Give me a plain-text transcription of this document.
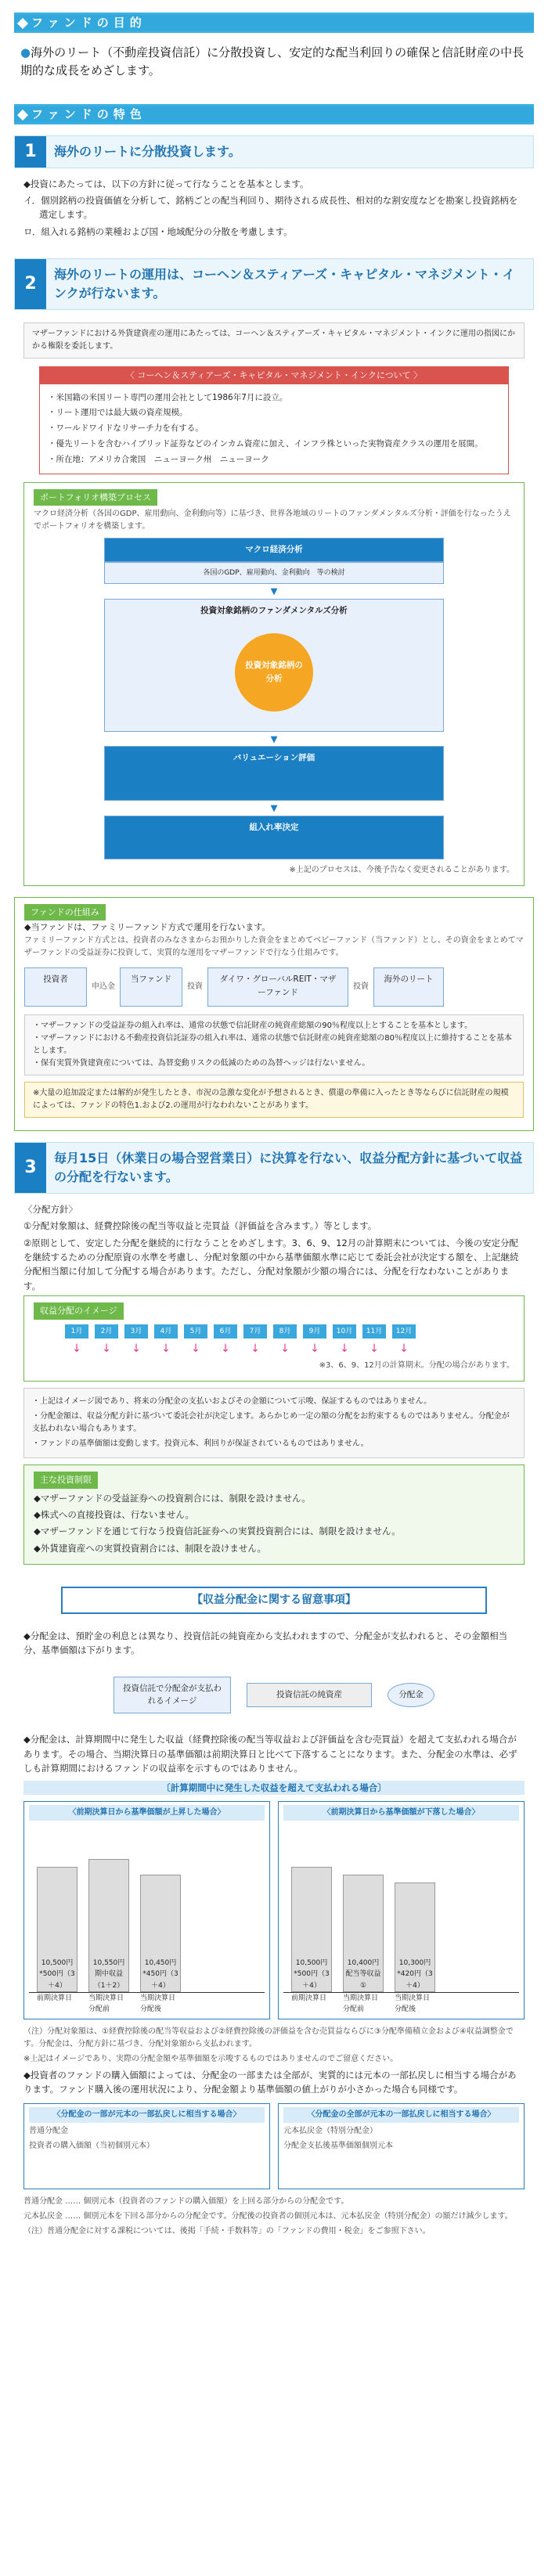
ファンドの目的
●海外のリート（不動産投資信託）に分散投資し、安定的な配当利回りの確保と信託財産の中長期的な成長をめざします。
ファンドの特色
1	海外のリートに分散投資します。

◆投資にあたっては、以下の方針に従って行なうことを基本とします。

イ．個別銘柄の投資価値を分析して、銘柄ごとの配当利回り、期待される成長性、相対的な割安度などを勘案し投資銘柄を選定します。

ロ．組入れる銘柄の業種および国・地域配分の分散を考慮します。

2	海外のリートの運用は、コーヘン＆スティアーズ・キャピタル・マネジメント・インクが行ないます。
マザーファンドにおける外貨建資産の運用にあたっては、コーヘン＆スティアーズ・キャピタル・マネジメント・インクに運用の指図にかかる権限を委託します。
〈 コーヘン＆スティアーズ・キャピタル・マネジメント・インクについて 〉

・米国籍の米国リート専門の運用会社として1986年7月に設立。

・リート運用では最大級の資産規模。

・ワールドワイドなリサーチ力を有する。

・優先リートを含むハイブリッド証券などのインカム資産に加え、インフラ株といった実物資産クラスの運用を展開。

・所在地：アメリカ合衆国　ニューヨーク州　ニューヨーク

ポートフォリオ構築プロセス

マクロ経済分析（各国のGDP、雇用動向、金利動向等）に基づき、世界各地域のリートのファンダメンタルズ分析・評価を行なったうえでポートフォリオを構築します。

マクロ経済分析
各国のGDP、雇用動向、金利動向　等の検討
▼
投資対象銘柄のファンダメンタルズ分析
投資対象銘柄の分析
▼
バリュエーション評価
▼
組入れ率決定

※上記のプロセスは、今後予告なく変更されることがあります。

ファンドの仕組み

◆当ファンドは、ファミリーファンド方式で運用を行ないます。

ファミリーファンド方式とは、投資者のみなさまからお預かりした資金をまとめてベビーファンド（当ファンド）とし、その資金をまとめてマザーファンドの受益証券に投資して、実質的な運用をマザーファンドで行なう仕組みです。

投資者
申込金
当ファンド
投資
ダイワ・グローバルREIT・マザーファンド
投資
海外のリート

・マザーファンドの受益証券の組入れ率は、通常の状態で信託財産の純資産総額の90％程度以上とすることを基本とします。

・マザーファンドにおける不動産投資信託証券の組入れ率は、通常の状態で信託財産の純資産総額の80％程度以上に維持することを基本とします。

・保有実質外貨建資産については、為替変動リスクの低減のための為替ヘッジは行ないません。

※大量の追加設定または解約が発生したとき、市況の急激な変化が予想されるとき、償還の準備に入ったとき等ならびに信託財産の規模によっては、ファンドの特色1.および2.の運用が行なわれないことがあります。
3	毎月15日（休業日の場合翌営業日）に決算を行ない、収益分配方針に基づいて収益の分配を行ないます。

〈分配方針〉

①分配対象額は、経費控除後の配当等収益と売買益（評価益を含みます。）等とします。

②原則として、安定した分配を継続的に行なうことをめざします。3、6、9、12月の計算期末については、今後の安定分配を継続するための分配原資の水準を考慮し、分配対象額の中から基準価額水準に応じて委託会社が決定する額を、上記継続分配相当額に付加して分配する場合があります。ただし、分配対象額が少額の場合には、分配を行なわないことがあります。

収益分配のイメージ
1月	2月	3月	4月	5月	6月	7月	8月	9月	10月	11月	12月
↓	↓	↓	↓	↓	↓	↓	↓	↓	↓	↓	↓

※3、6、9、12月の計算期末。分配の場合があります。

・上記はイメージ図であり、将来の分配金の支払いおよびその金額について示唆、保証するものではありません。

・分配金額は、収益分配方針に基づいて委託会社が決定します。あらかじめ一定の額の分配をお約束するものではありません。分配金が支払われない場合もあります。

・ファンドの基準価額は変動します。投資元本、利回りが保証されているものではありません。

主な投資制限

◆マザーファンドの受益証券への投資割合には、制限を設けません。

◆株式への直接投資は、行ないません。

◆マザーファンドを通じて行なう投資信託証券への実質投資割合には、制限を設けません。

◆外貨建資産への実質投資割合には、制限を設けません。

【収益分配金に関する留意事項】

◆分配金は、預貯金の利息とは異なり、投資信託の純資産から支払われますので、分配金が支払われると、その金額相当分、基準価額は下がります。

投資信託で分配金が支払われるイメージ
投資信託の純資産	分配金

◆分配金は、計算期間中に発生した収益（経費控除後の配当等収益および評価益を含む売買益）を超えて支払われる場合があります。その場合、当期決算日の基準価額は前期決算日と比べて下落することになります。また、分配金の水準は、必ずしも計算期間におけるファンドの収益率を示すものではありません。

〔計算期間中に発生した収益を超えて支払われる場合〕
〈前期決算日から基準価額が上昇した場合〉
10,500円
*500円（3＋4）
10,550円
期中収益（1＋2）
10,450円
*450円（3＋4）
前期決算日	当期決算日 分配前
当期決算日 分配後
〈前期決算日から基準価額が下落した場合〉
10,500円
*500円（3＋4）
10,400円
配当等収益 ①
10,300円
*420円（3＋4）
前期決算日	当期決算日 分配前
当期決算日 分配後

（注）分配対象額は、①経費控除後の配当等収益および②経費控除後の評価益を含む売買益ならびに③分配準備積立金および④収益調整金です。分配金は、分配方針に基づき、分配対象額から支払われます。

※上記はイメージであり、実際の分配金額や基準価額を示唆するものではありませんのでご留意ください。

◆投資者のファンドの購入価額によっては、分配金の一部または全部が、実質的には元本の一部払戻しに相当する場合があります。ファンド購入後の運用状況により、分配金額より基準価額の値上がりが小さかった場合も同様です。

〈分配金の一部が元本の一部払戻しに相当する場合〉

普通分配金

投資者の購入価額（当初個別元本）

〈分配金の全部が元本の一部払戻しに相当する場合〉

元本払戻金（特別分配金）

分配金支払後基準価額個別元本

普通分配金 …… 個別元本（投資者のファンドの購入価額）を上回る部分からの分配金です。

元本払戻金 …… 個別元本を下回る部分からの分配金です。分配後の投資者の個別元本は、元本払戻金（特別分配金）の額だけ減少します。

（注）普通分配金に対する課税については、後掲「手続・手数料等」の「ファンドの費用・税金」をご参照下さい。
